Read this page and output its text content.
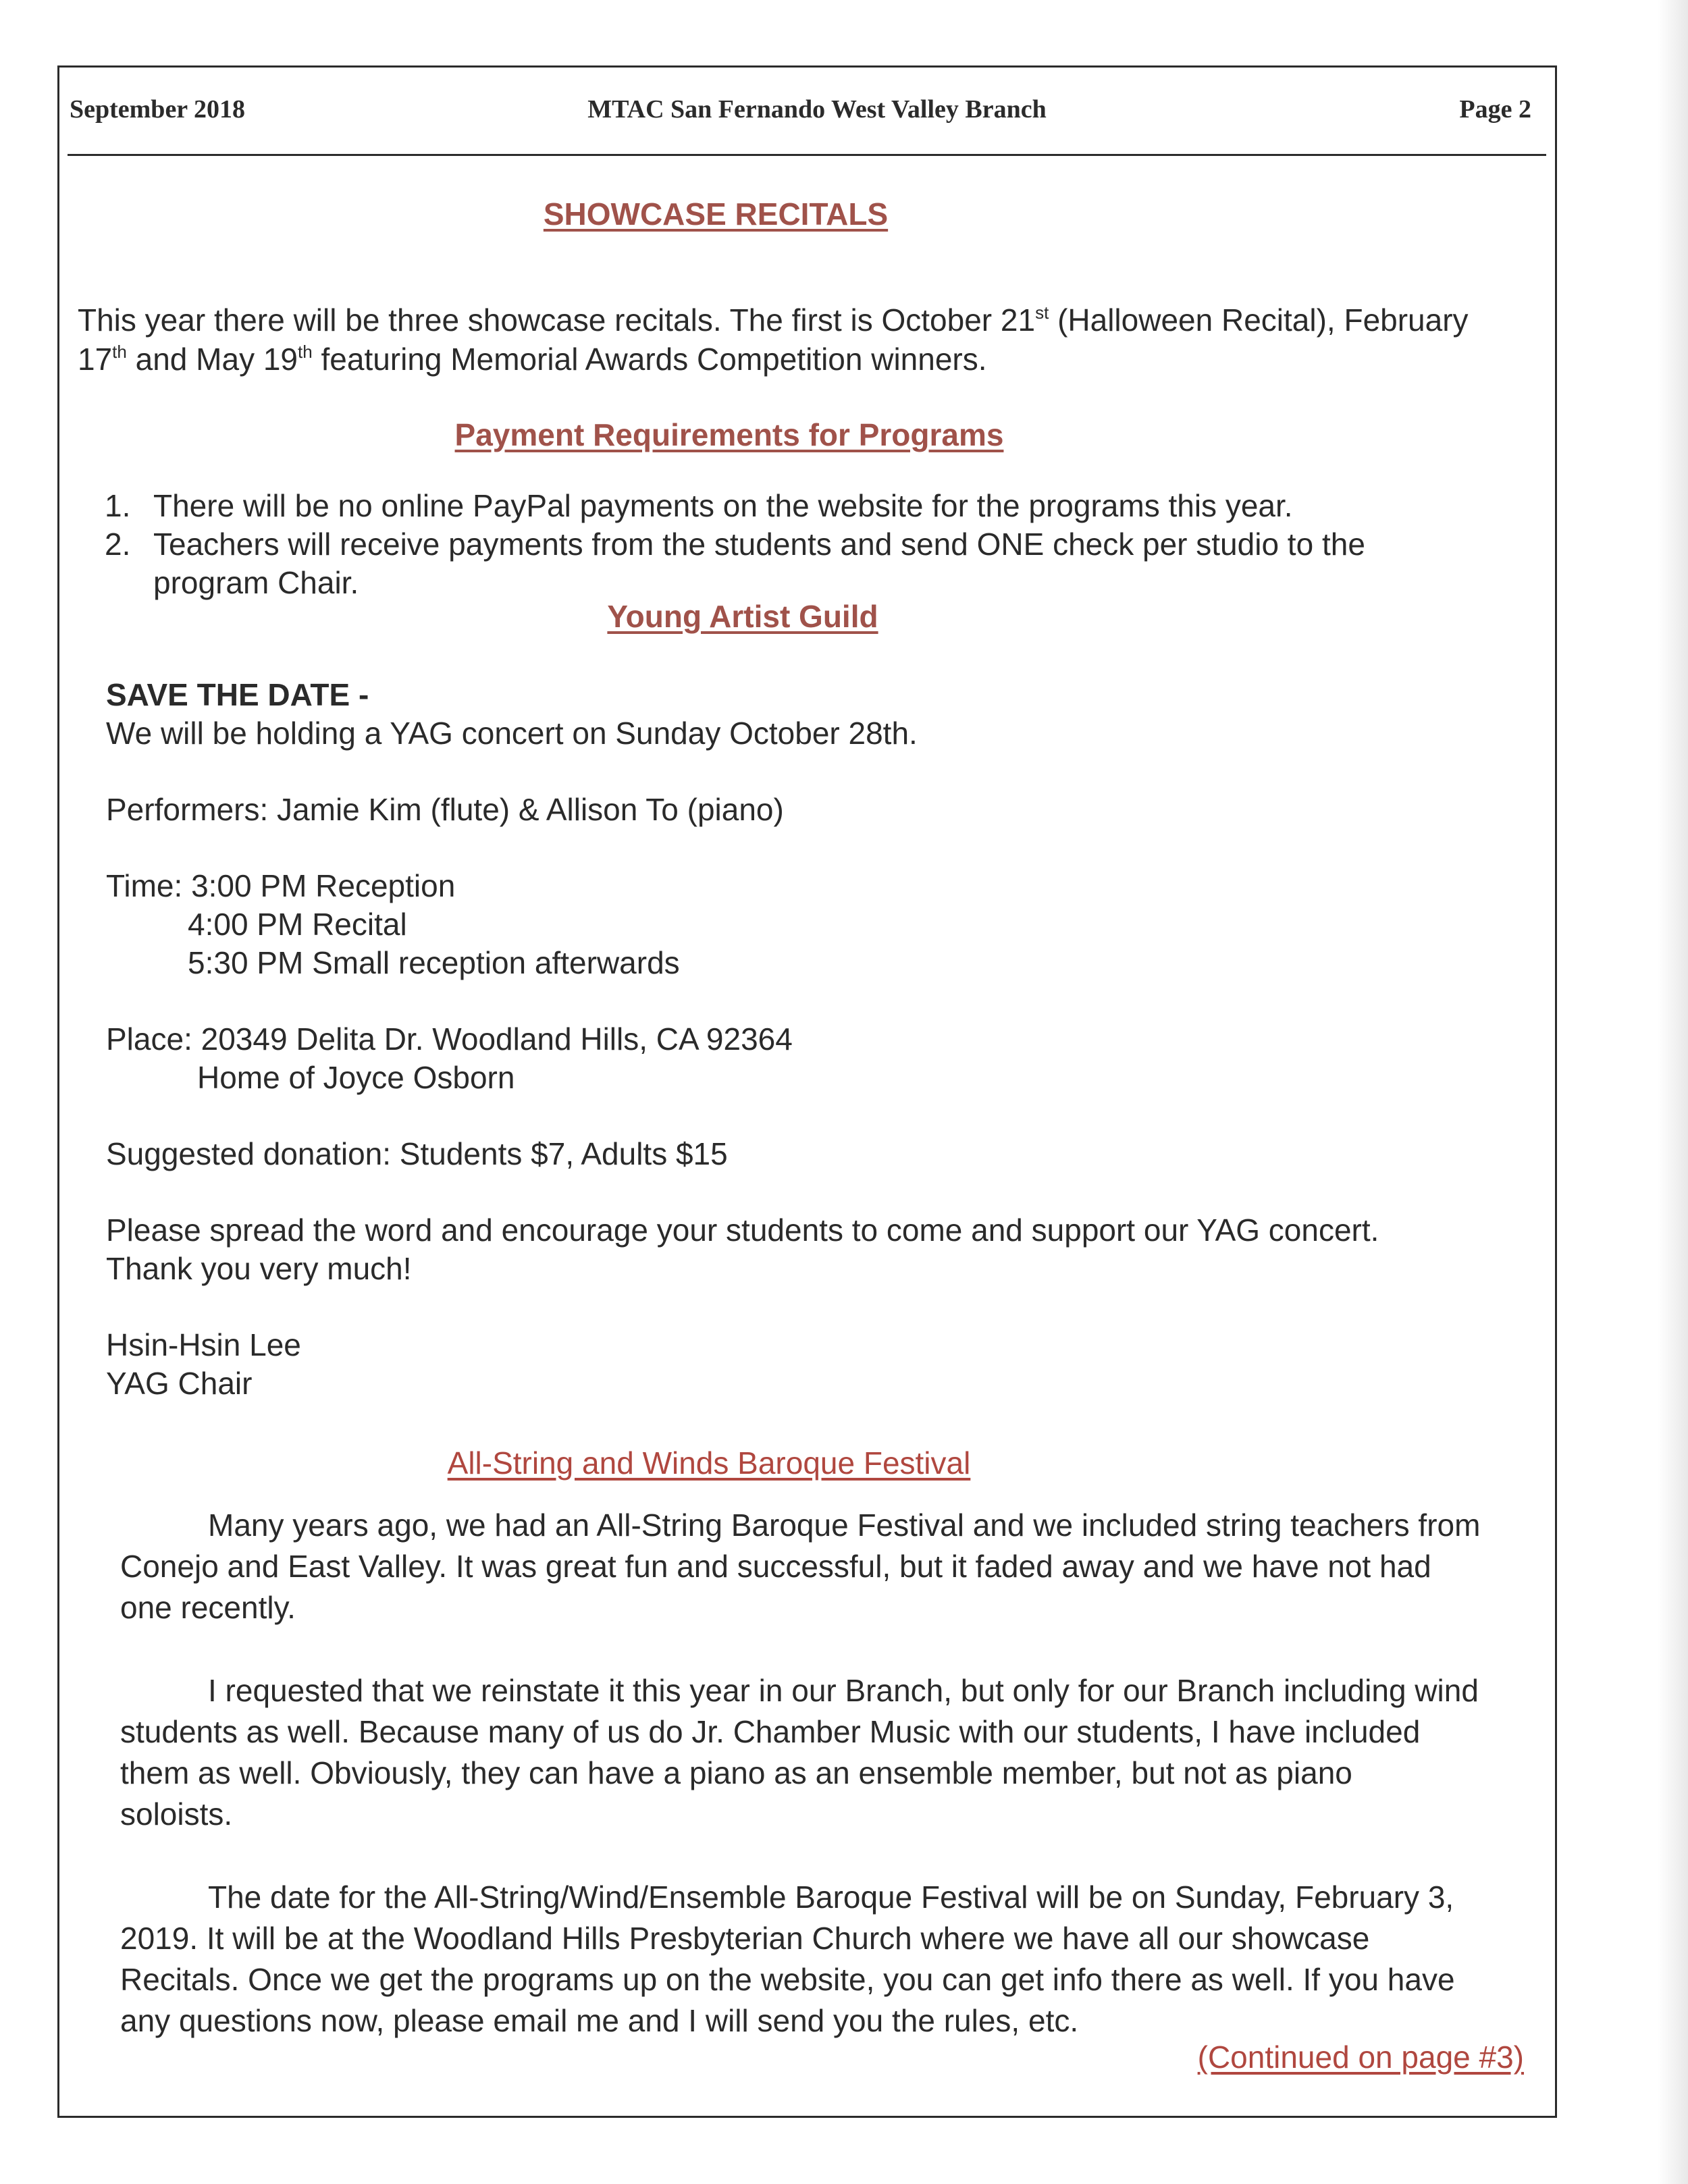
September 2018	MTAC San Fernando West Valley Branch	Page 2
SHOWCASE RECITALS
This year there will be three showcase recitals. The first is October 21st (Halloween Recital), February
17th and May 19th featuring Memorial Awards Competition winners.
Payment Requirements for Programs
1. There will be no online PayPal payments on the website for the programs this year.
2. Teachers will receive payments from the students and send ONE check per studio to the
program Chair.
Young Artist Guild
SAVE THE DATE -
We will be holding a YAG concert on Sunday October 28th.
Performers: Jamie Kim (flute) & Allison To (piano)
Time: 3:00 PM Reception
4:00 PM Recital
5:30 PM Small reception afterwards
Place: 20349 Delita Dr. Woodland Hills, CA 92364
Home of Joyce Osborn
Suggested donation: Students $7, Adults $15
Please spread the word and encourage your students to come and support our YAG concert.
Thank you very much!
Hsin-Hsin Lee
YAG Chair
All-String and Winds Baroque Festival
Many years ago, we had an All-String Baroque Festival and we included string teachers from
Conejo and East Valley. It was great fun and successful, but it faded away and we have not had
one recently.
I requested that we reinstate it this year in our Branch, but only for our Branch including wind
students as well. Because many of us do Jr. Chamber Music with our students, I have included
them as well. Obviously, they can have a piano as an ensemble member, but not as piano
soloists.
The date for the All-String/Wind/Ensemble Baroque Festival will be on Sunday, February 3,
2019. It will be at the Woodland Hills Presbyterian Church where we have all our showcase
Recitals. Once we get the programs up on the website, you can get info there as well. If you have
any questions now, please email me and I will send you the rules, etc.
(Continued on page #3)
